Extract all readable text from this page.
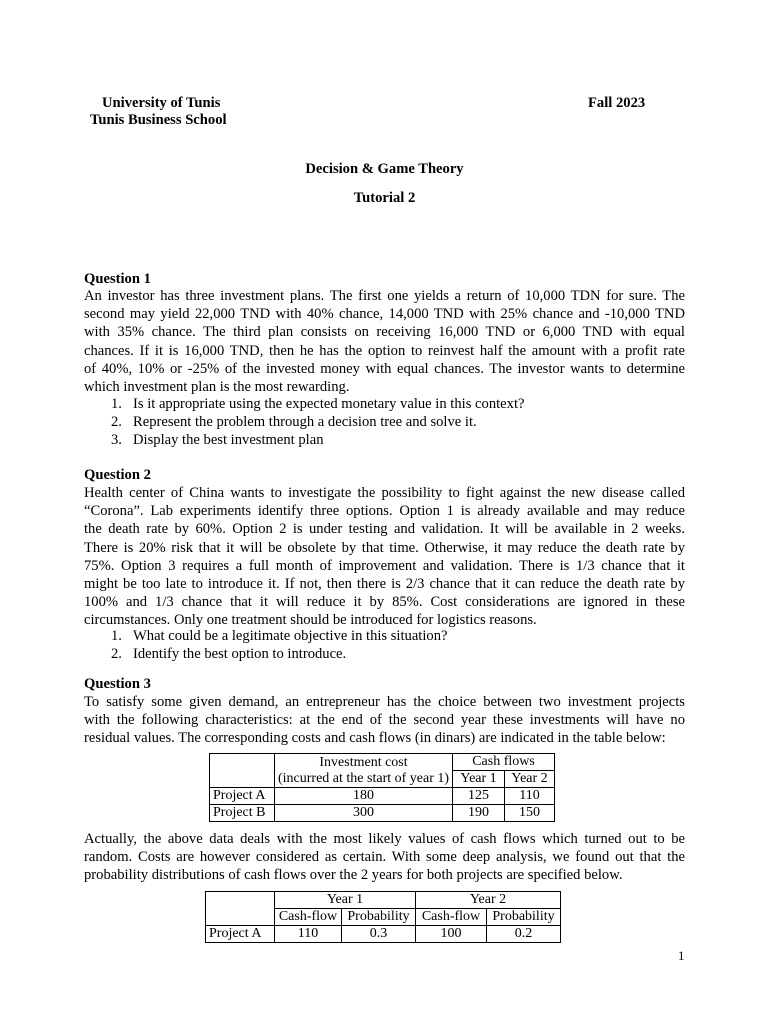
University of Tunis
Tunis Business School
Fall 2023
Decision & Game Theory
Tutorial 2
Question 1
An investor has three investment plans. The first one yields a return of 10,000 TDN for sure. The
second may yield 22,000 TND with 40% chance, 14,000 TND with 25% chance and -10,000 TND
with 35% chance. The third plan consists on receiving 16,000 TND or 6,000 TND with equal
chances. If it is 16,000 TND, then he has the option to reinvest half the amount with a profit rate
of 40%, 10% or -25% of the invested money with equal chances. The investor wants to determine
which investment plan is the most rewarding.
1. Is it appropriate using the expected monetary value in this context?
2. Represent the problem through a decision tree and solve it.
3. Display the best investment plan
Question 2
Health center of China wants to investigate the possibility to fight against the new disease called
“Corona”. Lab experiments identify three options. Option 1 is already available and may reduce
the death rate by 60%. Option 2 is under testing and validation. It will be available in 2 weeks.
There is 20% risk that it will be obsolete by that time. Otherwise, it may reduce the death rate by
75%. Option 3 requires a full month of improvement and validation. There is 1/3 chance that it
might be too late to introduce it. If not, then there is 2/3 chance that it can reduce the death rate by
100% and 1/3 chance that it will reduce it by 85%. Cost considerations are ignored in these
circumstances. Only one treatment should be introduced for logistics reasons.
1. What could be a legitimate objective in this situation?
2. Identify the best option to introduce.
Question 3
To satisfy some given demand, an entrepreneur has the choice between two investment projects
with the following characteristics: at the end of the second year these investments will have no
residual values. The corresponding costs and cash flows (in dinars) are indicated in the table below:
	Investment cost
(incurred at the start of year 1)	Cash flows	
		Year 1	Year 2
Project A	180	125	110
Project B	300	190	150
Actually, the above data deals with the most likely values of cash flows which turned out to be
random. Costs are however considered as certain. With some deep analysis, we found out that the
probability distributions of cash flows over the 2 years for both projects are specified below.
	Year 1		Year 2	
	Cash-flow	Probability	Cash-flow	Probability
Project A	110	0.3	100	0.2
1
